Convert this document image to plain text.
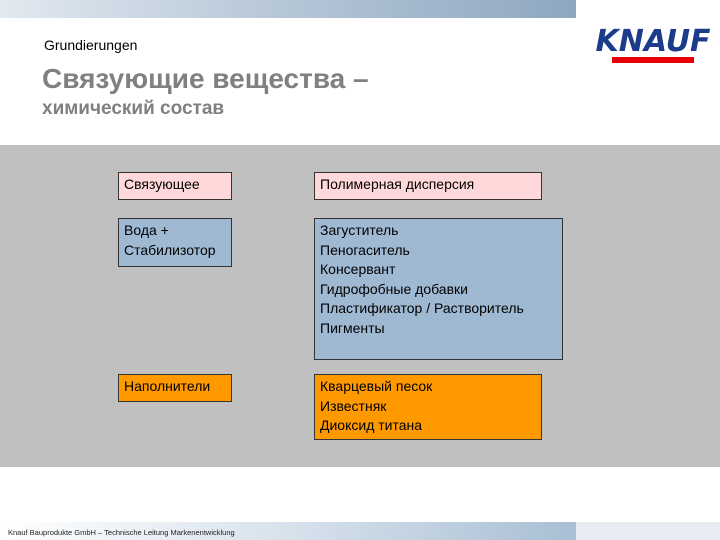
KNAUF
Grundierungen
Связующие вещества –
химический состав
Связующее	Полимерная дисперсия
Вода +
Стабилизотор
Загуститель
Пеногаситель
Консервант
Гидрофобные добавки
Пластификатор / Растворитель
Пигменты
Наполнители	Кварцевый песок
Известняк
Диоксид титана
Knauf Bauprodukte GmbH – Technische Leitung Markenentwicklung
